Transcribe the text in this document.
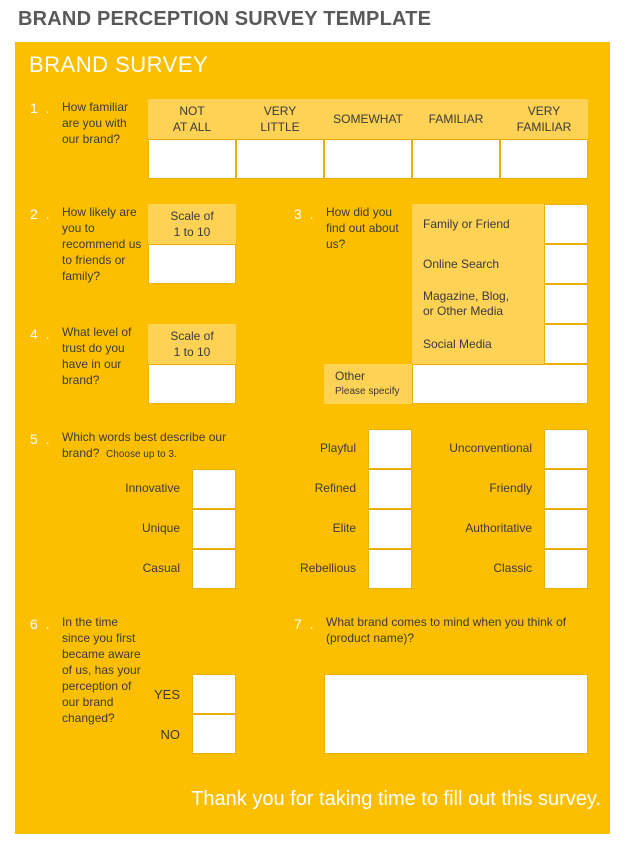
BRAND PERCEPTION SURVEY TEMPLATE
BRAND SURVEY
1 . How familiar are you with our brand?
NOT
AT ALL
VERY
LITTLE
SOMEWHAT FAMILIAR
VERY
FAMILIAR
2 . How likely are you to recommend us to friends or family?
Scale of
1 to 10
3 . How did you find out about us?
Family or Friend
Online Search
Magazine, Blog,
or Other Media
Social Media
Other
Please specify
4 . What level of trust do you have in our brand?
Scale of
1 to 10
5 . Which words best describe our brand? Choose up to 3.
Innovative
Unique
Casual
Playful
Refined
Elite
Rebellious
Unconventional
Friendly
Authoritative
Classic
6 . In the time since you first became aware of us, has your perception of our brand changed?
YES
NO
7 . What brand comes to mind when you think of (product name)?
Thank you for taking time to fill out this survey.
